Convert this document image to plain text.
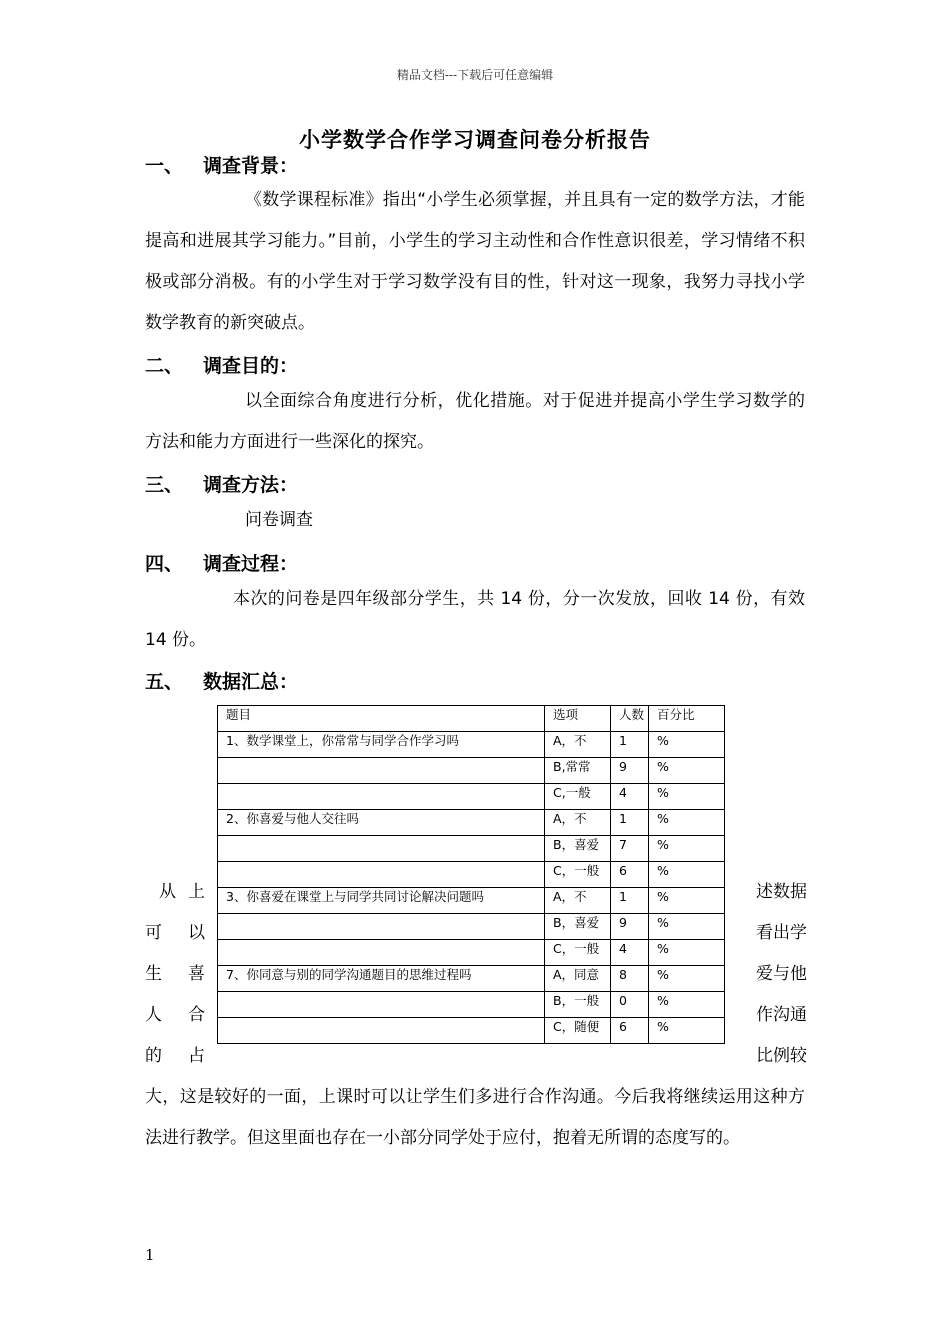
精品文档---下载后可任意编辑
小学数学合作学习调查问卷分析报告
一、 调查背景：

《数学课程标准》指出“小学生必须掌握，并且具有一定的数学方法，才能提高和进展其学习能力。”目前，小学生的学习主动性和合作性意识很差，学习情绪不积极或部分消极。有的小学生对于学习数学没有目的性，针对这一现象，我努力寻找小学数学教育的新突破点。

二、 调查目的：

以全面综合角度进行分析，优化措施。对于促进并提高小学生学习数学的方法和能力方面进行一些深化的探究。

三、 调查方法：

问卷调查

四、 调查过程：

本次的问卷是四年级部分学生，共 14 份，分一次发放，回收 14 份，有效 14 份。

五、 数据汇总：
题目	选项	人数	百分比
1、数学课堂上，你常常与同学合作学习吗	A，不	1	%
	B,常常	9	%
	C,一般	4	%
2、你喜爱与他人交往吗	A，不	1	%
	B，喜爱	7	%
	C，一般	6	%
3、你喜爱在课堂上与同学共同讨论解决问题吗	A，不	1	%
	B，喜爱	9	%
	C，一般	4	%
7、你同意与别的同学沟通题目的思维过程吗	A，同意	8	%
	B，一般	0	%
	C，随便	6	%
从 上
可 以
生 喜
人 合
的 占
述数据
看出学
爱与他
作沟通
比例较

大，这是较好的一面，上课时可以让学生们多进行合作沟通。今后我将继续运用这种方法进行教学。但这里面也存在一小部分同学处于应付，抱着无所谓的态度写的。

1
